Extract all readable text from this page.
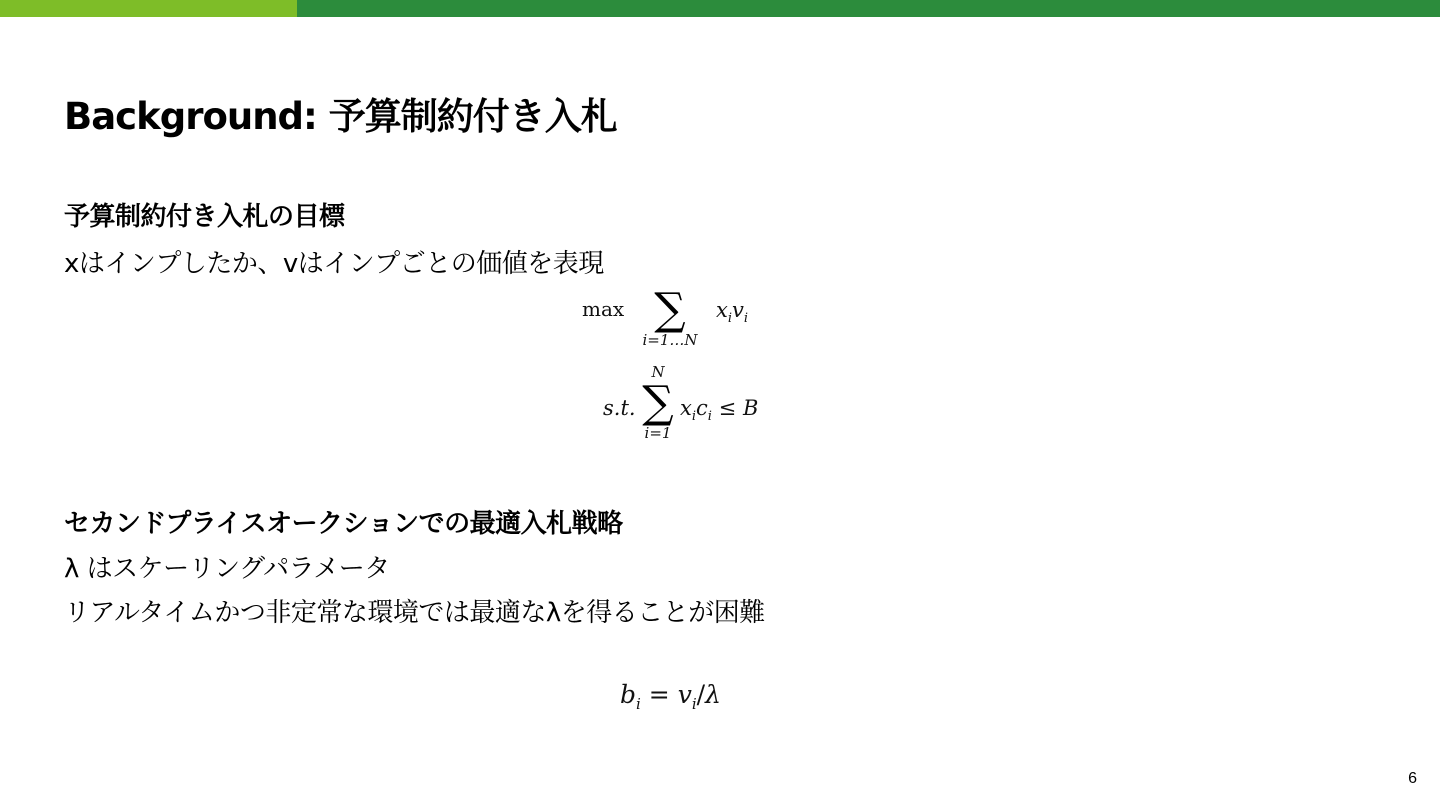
Background: 予算制約付き入札
予算制約付き入札の目標
xはインプしたか、vはインプごとの価値を表現
max ∑
i=1…N
$x_iv_i$
s.t.
N
∑
i=1
$x_ic_i \le B$
セカンドプライスオークションでの最適入札戦略
λ はスケーリングパラメータ
リアルタイムかつ非定常な環境では最適なλを得ることが困難
$b_i = v_i/\lambda$
6
